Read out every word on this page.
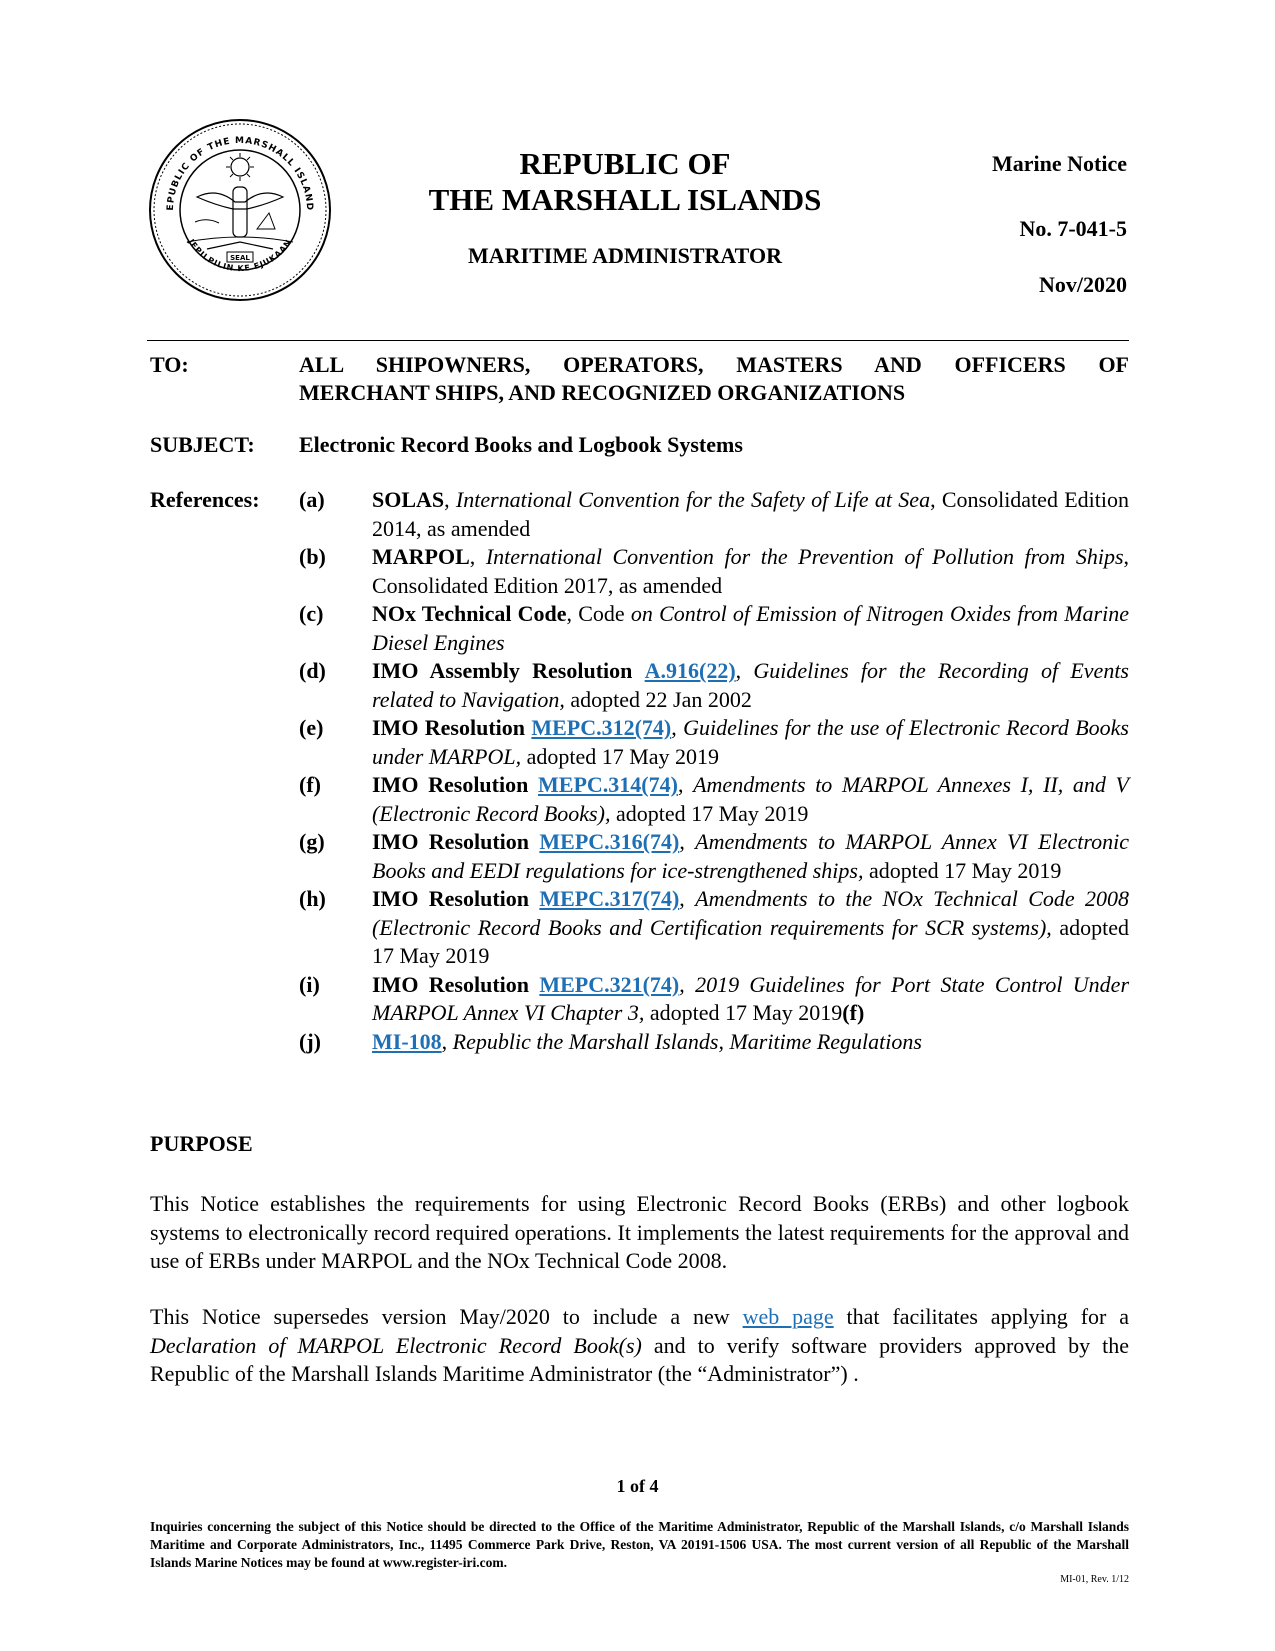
EPUBLIC OF THE MARSHALL ISLAND
JEPILPILIN KE EJUKAAN
SEAL
REPUBLIC OF
THE MARSHALL ISLANDS
MARITIME ADMINISTRATOR
Marine Notice
No. 7-041-5
Nov/2020
TO:	ALL SHIPOWNERS, OPERATORS, MASTERS AND OFFICERS OF
MERCHANT SHIPS, AND RECOGNIZED ORGANIZATIONS
SUBJECT: Electronic Record Books and Logbook Systems
References: (a)	SOLAS, International Convention for the Safety of Life at Sea, Consolidated Edition 2014, as amended
(b)	MARPOL, International Convention for the Prevention of Pollution from Ships, Consolidated Edition 2017, as amended
(c)	NOx Technical Code, Code on Control of Emission of Nitrogen Oxides from Marine Diesel Engines
(d)	IMO Assembly Resolution A.916(22), Guidelines for the Recording of Events related to Navigation, adopted 22 Jan 2002
(e)	IMO Resolution MEPC.312(74), Guidelines for the use of Electronic Record Books under MARPOL, adopted 17 May 2019
(f)	IMO Resolution MEPC.314(74), Amendments to MARPOL Annexes I, II, and V (Electronic Record Books), adopted 17 May 2019
(g)	IMO Resolution MEPC.316(74), Amendments to MARPOL Annex VI Electronic Books and EEDI regulations for ice-strengthened ships, adopted 17 May 2019
(h)	IMO Resolution MEPC.317(74), Amendments to the NOx Technical Code 2008 (Electronic Record Books and Certification requirements for SCR systems), adopted 17 May 2019
(i)	IMO Resolution MEPC.321(74), 2019 Guidelines for Port State Control Under MARPOL Annex VI Chapter 3, adopted 17 May 2019(f)
(j)	MI-108, Republic the Marshall Islands, Maritime Regulations
PURPOSE
This Notice establishes the requirements for using Electronic Record Books (ERBs) and other logbook systems to electronically record required operations. It implements the latest requirements for the approval and use of ERBs under MARPOL and the NOx Technical Code 2008.
This Notice supersedes version May/2020 to include a new web page that facilitates applying for a Declaration of MARPOL Electronic Record Book(s) and to verify software providers approved by the Republic of the Marshall Islands Maritime Administrator (the “Administrator”) .
1 of 4
Inquiries concerning the subject of this Notice should be directed to the Office of the Maritime Administrator, Republic of the Marshall Islands, c/o Marshall Islands Maritime and Corporate Administrators, Inc., 11495 Commerce Park Drive, Reston, VA 20191-1506 USA. The most current version of all Republic of the Marshall Islands Marine Notices may be found at www.register-iri.com.
MI-01, Rev. 1/12
